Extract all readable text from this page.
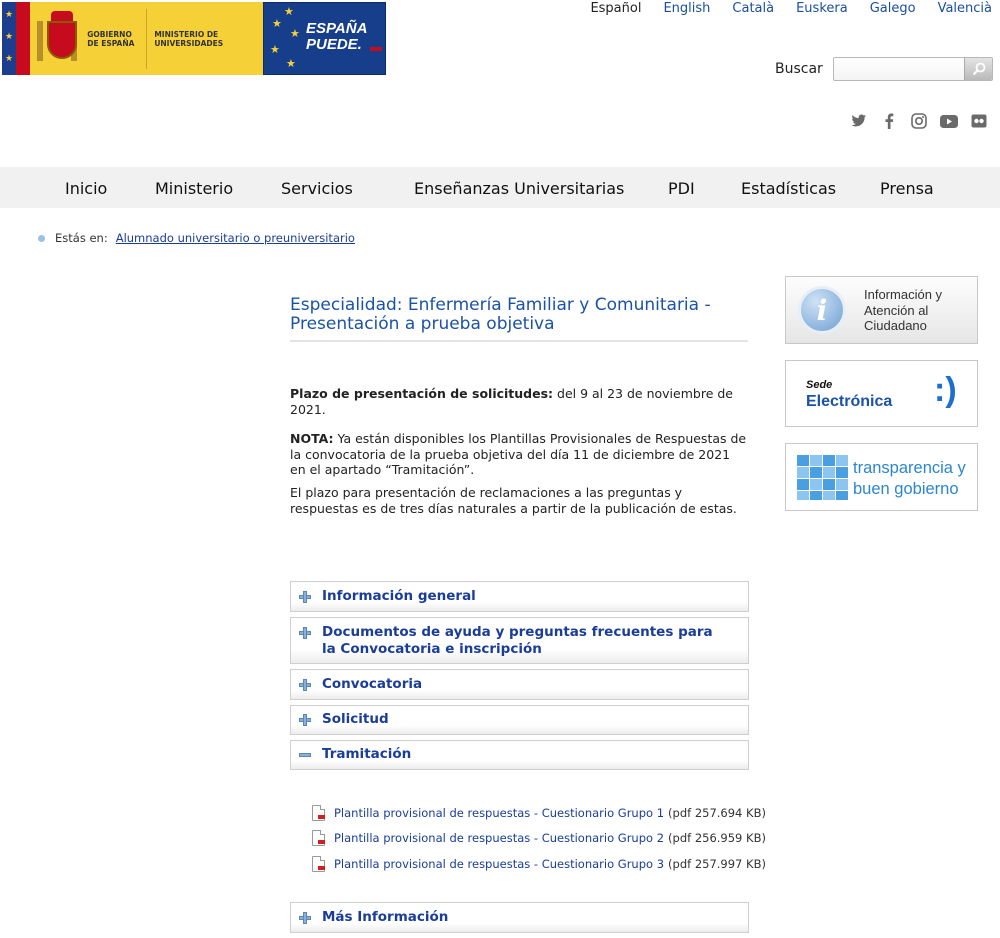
★
★
★
GOBIERNO DE ESPAÑA
MINISTERIO DE UNIVERSIDADES
★
★
★
★
★
ESPAÑA
PUEDE.
Español English Català Euskera Galego Valencià
Buscar
Inicio	Ministerio	Servicios	Enseñanzas Universitarias	PDI	Estadísticas	Prensa
Estás en: Alumnado universitario o preuniversitario
Especialidad: Enfermería Familiar y Comunitaria - Presentación a prueba objetiva
Plazo de presentación de solicitudes: del 9 al 23 de noviembre de 2021.
NOTA: Ya están disponibles los Plantillas Provisionales de Respuestas de la convocatoria de la prueba objetiva del día 11 de diciembre de 2021 en el apartado “Tramitación”.
El plazo para presentación de reclamaciones a las preguntas y respuestas es de tres días naturales a partir de la publicación de estas.
Información general
Documentos de ayuda y preguntas frecuentes para la Convocatoria e inscripción
Convocatoria
Solicitud
Tramitación
Plantilla provisional de respuestas - Cuestionario Grupo 1 (pdf 257.694 KB)
Plantilla provisional de respuestas - Cuestionario Grupo 2 (pdf 256.959 KB)
Plantilla provisional de respuestas - Cuestionario Grupo 3 (pdf 257.997 KB)
Más Información
i	Información y Atención al Ciudadano
Sede
Electrónica :)
transparencia y
buen gobierno
